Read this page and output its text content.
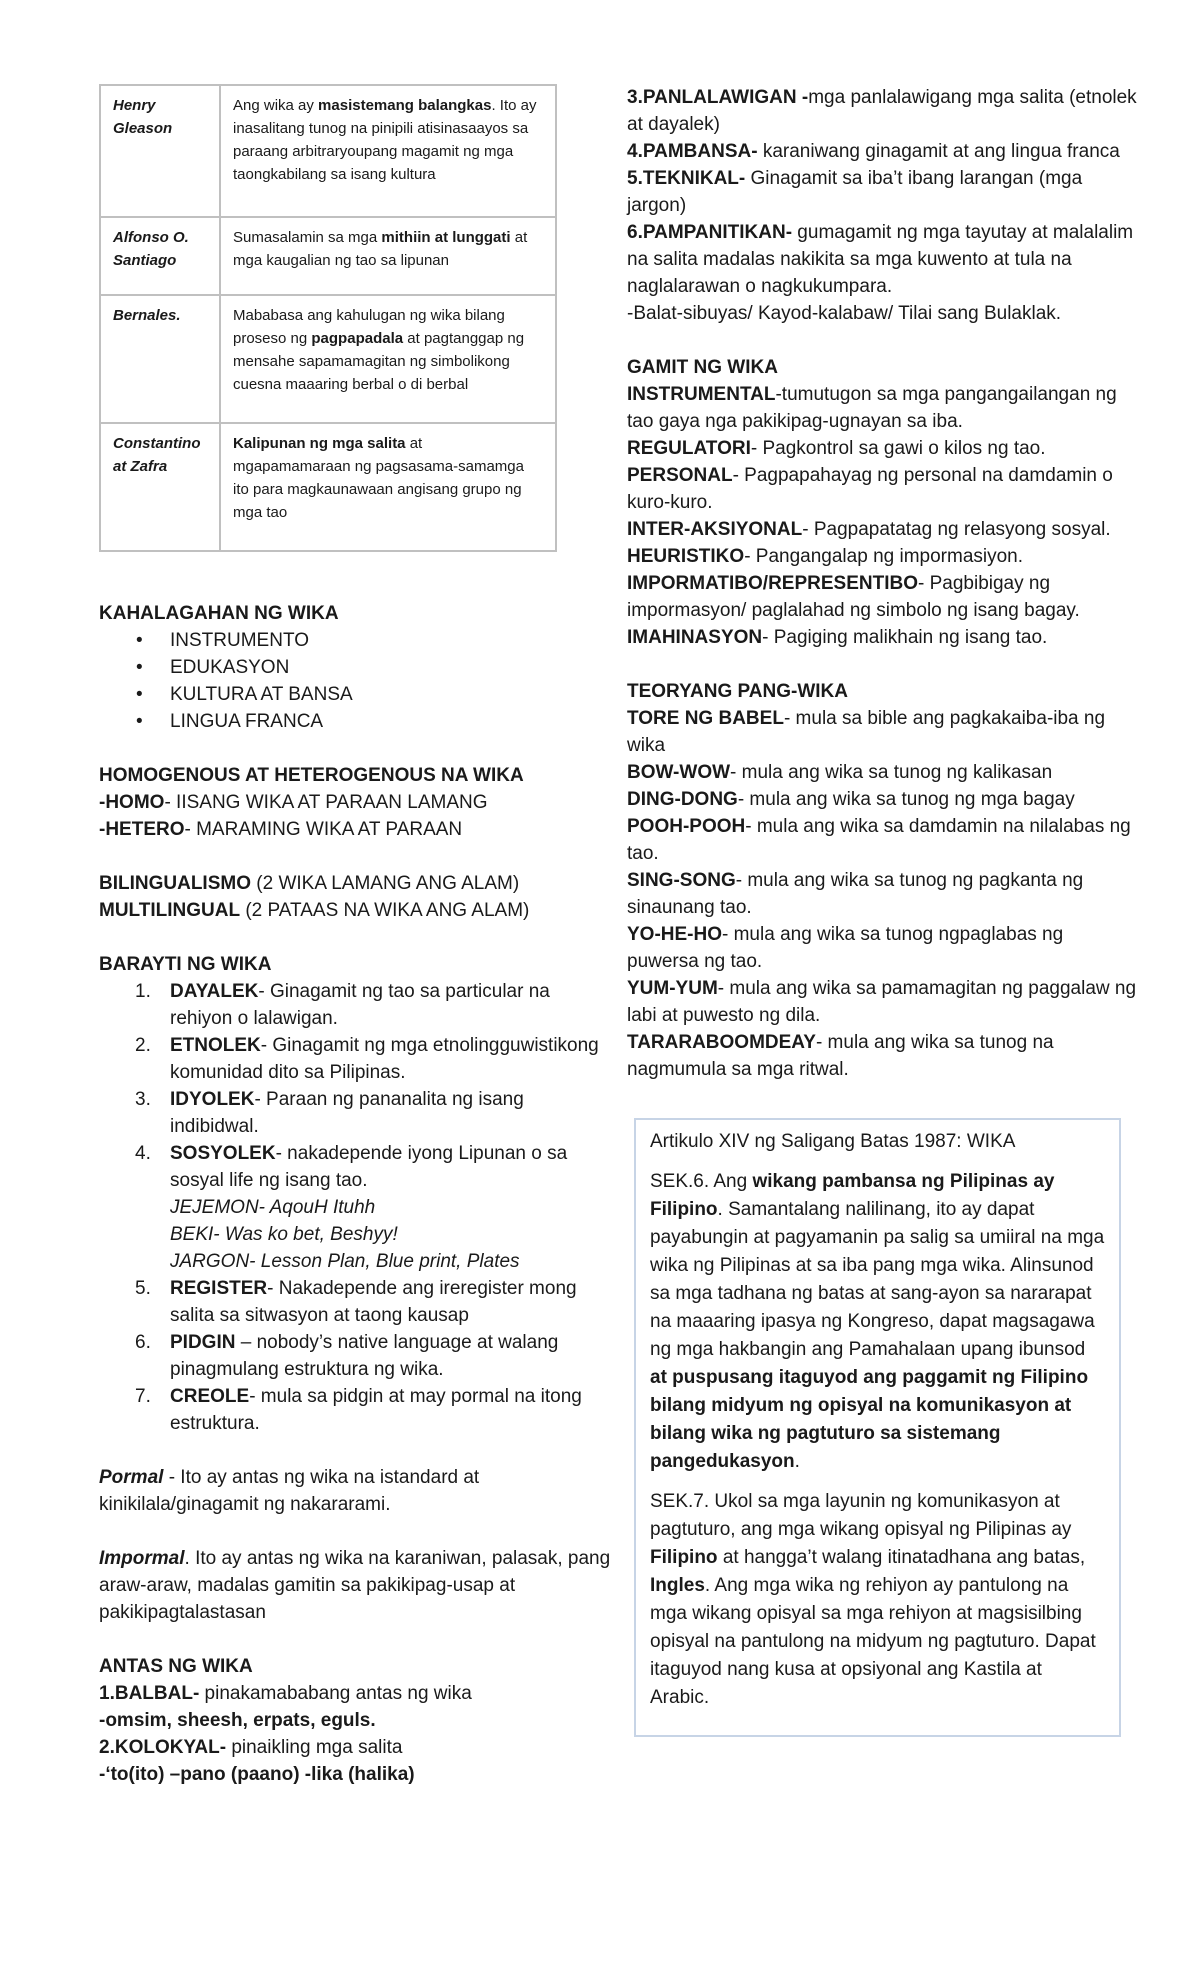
Henry Gleason	Ang wika ay masistemang balangkas. Ito ay inasalitang tunog na pinipili atisinasaayos sa paraang arbitraryoupang magamit ng mga taongkabilang sa isang kultura
Alfonso O. Santiago	Sumasalamin sa mga mithiin at lunggati at mga kaugalian ng tao sa lipunan
Bernales.	Mababasa ang kahulugan ng wika bilang proseso ng pagpapadala at pagtanggap ng mensahe sapamamagitan ng simbolikong cuesna maaaring berbal o di berbal
Constantino at Zafra	Kalipunan ng mga salita at mgapamamaraan ng pagsasama-samamga ito para magkaunawaan angisang grupo ng mga tao
KAHALAGAHAN NG WIKA
• INSTRUMENTO
• EDUKASYON
• KULTURA AT BANSA
• LINGUA FRANCA
HOMOGENOUS AT HETEROGENOUS NA WIKA
-HOMO- IISANG WIKA AT PARAAN LAMANG
-HETERO- MARAMING WIKA AT PARAAN
BILINGUALISMO (2 WIKA LAMANG ANG ALAM)
MULTILINGUAL (2 PATAAS NA WIKA ANG ALAM)
BARAYTI NG WIKA
1. DAYALEK- Ginagamit ng tao sa particular na rehiyon o lalawigan.
2. ETNOLEK- Ginagamit ng mga etnolingguwistikong komunidad dito sa Pilipinas.
3. IDYOLEK- Paraan ng pananalita ng isang indibidwal.
4. SOSYOLEK- nakadepende iyong Lipunan o sa sosyal life ng isang tao.
JEJEMON- AqouH Ituhh
BEKI- Was ko bet, Beshyy!
JARGON- Lesson Plan, Blue print, Plates
5. REGISTER- Nakadepende ang ireregister mong salita sa sitwasyon at taong kausap
6. PIDGIN – nobody’s native language at walang pinagmulang estruktura ng wika.
7. CREOLE- mula sa pidgin at may pormal na itong estruktura.
Pormal - Ito ay antas ng wika na istandard at kinikilala/ginagamit ng nakararami.
Impormal. Ito ay antas ng wika na karaniwan, palasak, pang araw-araw, madalas gamitin sa pakikipag-usap at pakikipagtalastasan
ANTAS NG WIKA
1.BALBAL- pinakamababang antas ng wika
-omsim, sheesh, erpats, eguls.
2.KOLOKYAL- pinaikling mga salita
-‘to(ito) –pano (paano) -lika (halika)
3.PANLALAWIGAN -mga panlalawigang mga salita (etnolek at dayalek)
4.PAMBANSA- karaniwang ginagamit at ang lingua franca
5.TEKNIKAL- Ginagamit sa iba’t ibang larangan (mga jargon)
6.PAMPANITIKAN- gumagamit ng mga tayutay at malalalim na salita madalas nakikita sa mga kuwento at tula na naglalarawan o nagkukumpara.
-Balat-sibuyas/ Kayod-kalabaw/ Tilai sang Bulaklak.
GAMIT NG WIKA
INSTRUMENTAL-tumutugon sa mga pangangailangan ng tao gaya nga pakikipag-ugnayan sa iba.
REGULATORI- Pagkontrol sa gawi o kilos ng tao.
PERSONAL- Pagpapahayag ng personal na damdamin o kuro-kuro.
INTER-AKSIYONAL- Pagpapatatag ng relasyong sosyal.
HEURISTIKO- Pangangalap ng impormasiyon.
IMPORMATIBO/REPRESENTIBO- Pagbibigay ng impormasyon/ paglalahad ng simbolo ng isang bagay.
IMAHINASYON- Pagiging malikhain ng isang tao.
TEORYANG PANG-WIKA
TORE NG BABEL- mula sa bible ang pagkakaiba-iba ng wika
BOW-WOW- mula ang wika sa tunog ng kalikasan
DING-DONG- mula ang wika sa tunog ng mga bagay
POOH-POOH- mula ang wika sa damdamin na nilalabas ng tao.
SING-SONG- mula ang wika sa tunog ng pagkanta ng sinaunang tao.
YO-HE-HO- mula ang wika sa tunog ngpaglabas ng puwersa ng tao.
YUM-YUM- mula ang wika sa pamamagitan ng paggalaw ng labi at puwesto ng dila.
TARARABOOMDEAY- mula ang wika sa tunog na nagmumula sa mga ritwal.

Artikulo XIV ng Saligang Batas 1987: WIKA

SEK.6. Ang wikang pambansa ng Pilipinas ay Filipino. Samantalang nalilinang, ito ay dapat payabungin at pagyamanin pa salig sa umiiral na mga wika ng Pilipinas at sa iba pang mga wika. Alinsunod sa mga tadhana ng batas at sang-ayon sa nararapat na maaaring ipasya ng Kongreso, dapat magsagawa ng mga hakbangin ang Pamahalaan upang ibunsod at puspusang itaguyod ang paggamit ng Filipino bilang midyum ng opisyal na komunikasyon at bilang wika ng pagtuturo sa sistemang pangedukasyon.

SEK.7. Ukol sa mga layunin ng komunikasyon at pagtuturo, ang mga wikang opisyal ng Pilipinas ay Filipino at hangga’t walang itinatadhana ang batas, Ingles. Ang mga wika ng rehiyon ay pantulong na mga wikang opisyal sa mga rehiyon at magsisilbing opisyal na pantulong na midyum ng pagtuturo. Dapat itaguyod nang kusa at opsiyonal ang Kastila at Arabic.
